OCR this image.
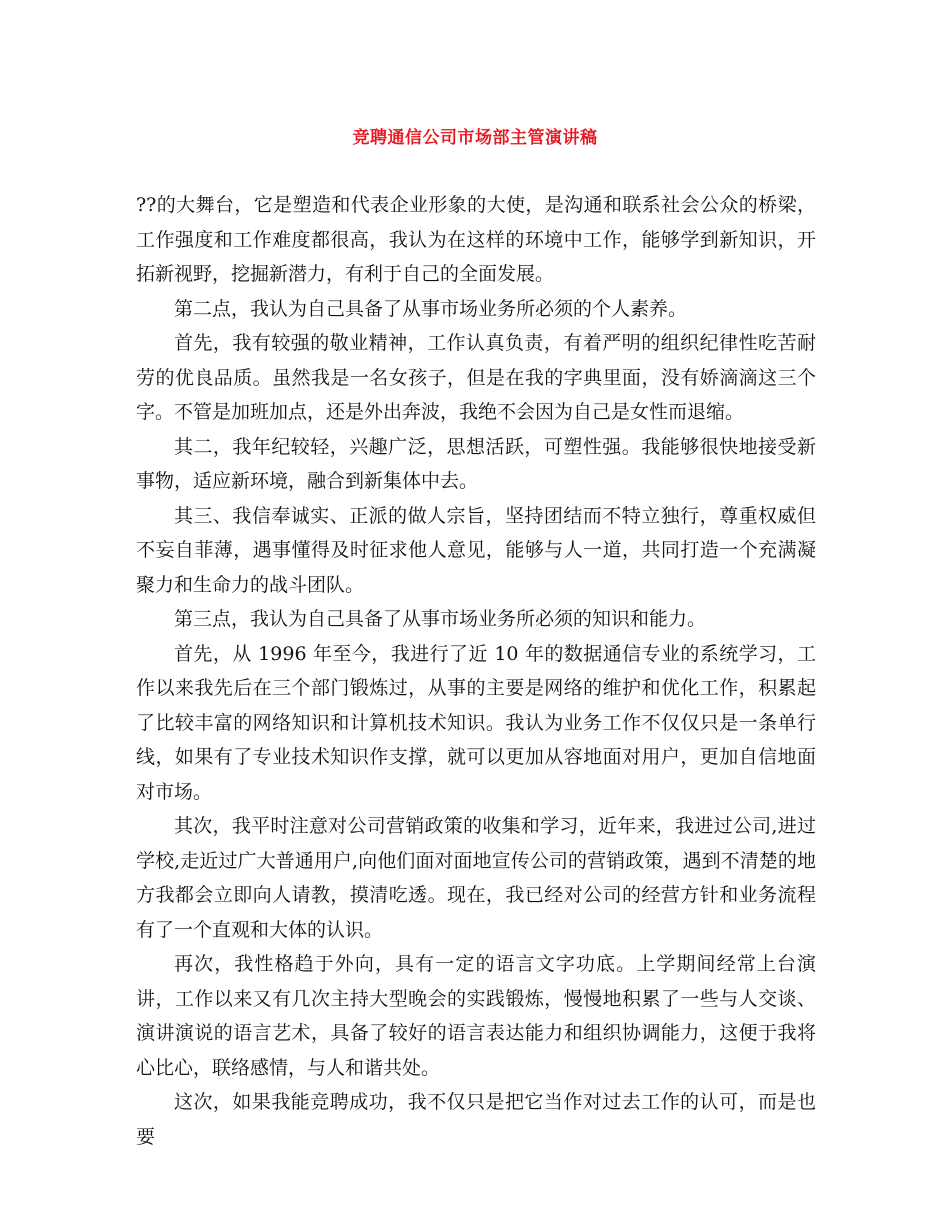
竞聘通信公司市场部主管演讲稿

??的大舞台，它是塑造和代表企业形象的大使，是沟通和联系社会公众的桥梁，工作强度和工作难度都很高，我认为在这样的环境中工作，能够学到新知识，开拓新视野，挖掘新潜力，有利于自己的全面发展。

第二点，我认为自己具备了从事市场业务所必须的个人素养。

首先，我有较强的敬业精神，工作认真负责，有着严明的组织纪律性吃苦耐劳的优良品质。虽然我是一名女孩子，但是在我的字典里面，没有娇滴滴这三个字。不管是加班加点，还是外出奔波，我绝不会因为自己是女性而退缩。

其二，我年纪较轻，兴趣广泛，思想活跃，可塑性强。我能够很快地接受新事物，适应新环境，融合到新集体中去。

其三、我信奉诚实、正派的做人宗旨，坚持团结而不特立独行，尊重权威但不妄自菲薄，遇事懂得及时征求他人意见，能够与人一道，共同打造一个充满凝聚力和生命力的战斗团队。

第三点，我认为自己具备了从事市场业务所必须的知识和能力。

首先，从 1996 年至今，我进行了近 10 年的数据通信专业的系统学习，工作以来我先后在三个部门锻炼过，从事的主要是网络的维护和优化工作，积累起了比较丰富的网络知识和计算机技术知识。我认为业务工作不仅仅只是一条单行线，如果有了专业技术知识作支撑，就可以更加从容地面对用户，更加自信地面对市场。

其次，我平时注意对公司营销政策的收集和学习，近年来，我进过公司,进过学校,走近过广大普通用户,向他们面对面地宣传公司的营销政策，遇到不清楚的地方我都会立即向人请教，摸清吃透。现在，我已经对公司的经营方针和业务流程有了一个直观和大体的认识。

再次，我性格趋于外向，具有一定的语言文字功底。上学期间经常上台演讲，工作以来又有几次主持大型晚会的实践锻炼，慢慢地积累了一些与人交谈、演讲演说的语言艺术，具备了较好的语言表达能力和组织协调能力，这便于我将心比心，联络感情，与人和谐共处。

这次，如果我能竞聘成功，我不仅只是把它当作对过去工作的认可，而是也要
